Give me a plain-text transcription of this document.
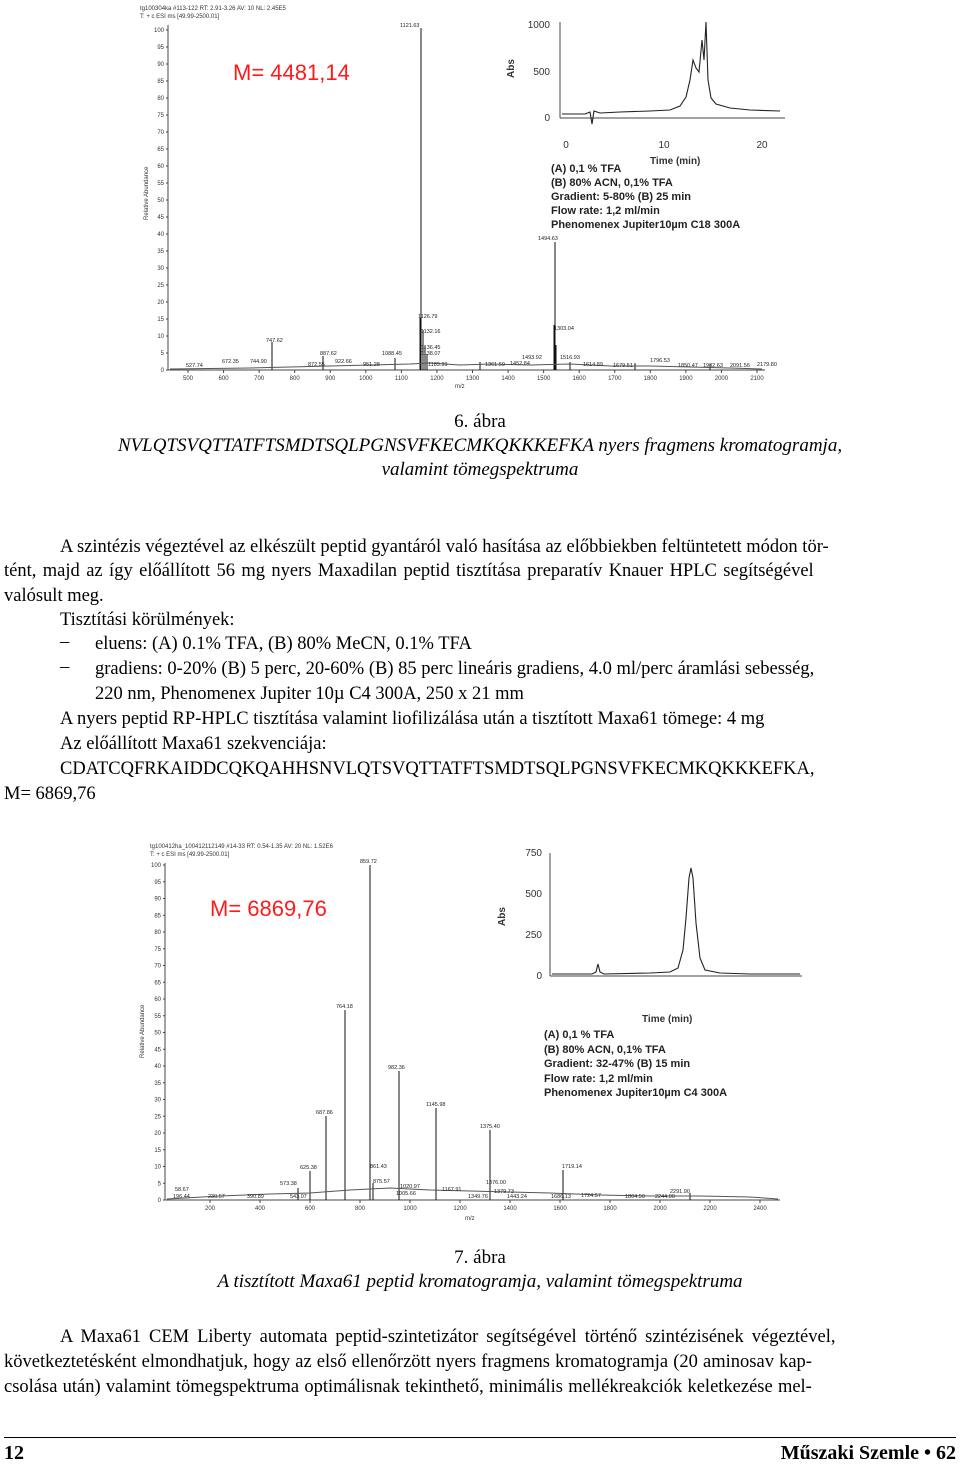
tg100304ka #113-122 RT: 2.91-3.26 AV: 10 NL: 2.45E5
T: + c ESI ms [49.99-2500.01]
100
95
90
85
80
75
70
65
60
55
50
45
40
35
30
25
20
15
10
5
0
500	600	700	800	900	1000	1100	1200	1300	1400	1500	1600	1700	1800	1900	2000	2100
Relative Abundance
m/z
1121.63
1494.63
1126.79
1132.16
1136.45
1138.07
1303.04
747.62
887.62	1088.45
527.74
672.35 744.90	872.55 922.66 951.28	1183.99	1361.59 1452.84
1493.92	1516.93
1614.89 1679.51
1796.53
1850.47 1932.63 2091.56 2179.80
M= 4481,14	Abs
1000
500
0
0	10	20
Time (min)
(A) 0,1 % TFA
(B) 80% ACN, 0,1% TFA
Gradient: 5-80% (B) 25 min
Flow rate: 1,2 ml/min
Phenomenex Jupiter10µm C18 300A
6. ábra
NVLQTSVQTTATFTSMDTSQLPGNSVFKECMKQKKKEFKA nyers fragmens kromatogramja,
valamint tömegspektruma
A szintézis végeztével az elkészült peptid gyantáról való hasítása az előbbiekben feltüntetett módon tör-
tént, majd az így előállított 56 mg nyers Maxadilan peptid tisztítása preparatív Knauer HPLC segítségével
valósult meg.
Tisztítási körülmények:
– eluens: (A) 0.1% TFA, (B) 80% MeCN, 0.1% TFA
– gradiens: 0-20% (B) 5 perc, 20-60% (B) 85 perc lineáris gradiens, 4.0 ml/perc áramlási sebesség,
220 nm, Phenomenex Jupiter 10µ C4 300A, 250 x 21 mm
A nyers peptid RP-HPLC tisztítása valamint liofilizálása után a tisztított Maxa61 tömege: 4 mg
Az előállított Maxa61 szekvenciája:
CDATCQFRKAIDDCQKQAHHSNVLQTSVQTTATFTSMDTSQLPGNSVFKECMKQKKKEFKA,
M= 6869,76
tg100412ha_100412112149 #14-33 RT: 0.54-1.35 AV: 20 NL: 1.52E6
T: + c ESI ms [49.99-2500.01]
100
95
90
85
80
75
70
65
60
55
50
45
40
35
30
25
20
15
10
5
0
200	400	600	800	1000	1200	1400	1600	1800	2000	2200	2400
Relative Abundance
m/z
859.72
764.18
982.36
687.86
1145.98
1375.40
625.38	861.43
875.57
1719.14
1376.00
1020.97
1005.66
1167.91
1349.76
1379.73
1443.24	1686.13 1724.57	1864.50
2291.90
2244.00
573.38
390.89	543.07
230.57
196.44
58.67
M= 6869,76	Abs
750
500
250
0
Time (min)
(A) 0,1 % TFA
(B) 80% ACN, 0,1% TFA
Gradient: 32-47% (B) 15 min
Flow rate: 1,2 ml/min
Phenomenex Jupiter10µm C4 300A
7. ábra
A tisztított Maxa61 peptid kromatogramja, valamint tömegspektruma
A Maxa61 CEM Liberty automata peptid-szintetizátor segítségével történő szintézisének végeztével,
következtetésként elmondhatjuk, hogy az első ellenőrzött nyers fragmens kromatogramja (20 aminosav kap-
csolása után) valamint tömegspektruma optimálisnak tekinthető, minimális mellékreakciók keletkezése mel-
12	Műszaki Szemle • 62
